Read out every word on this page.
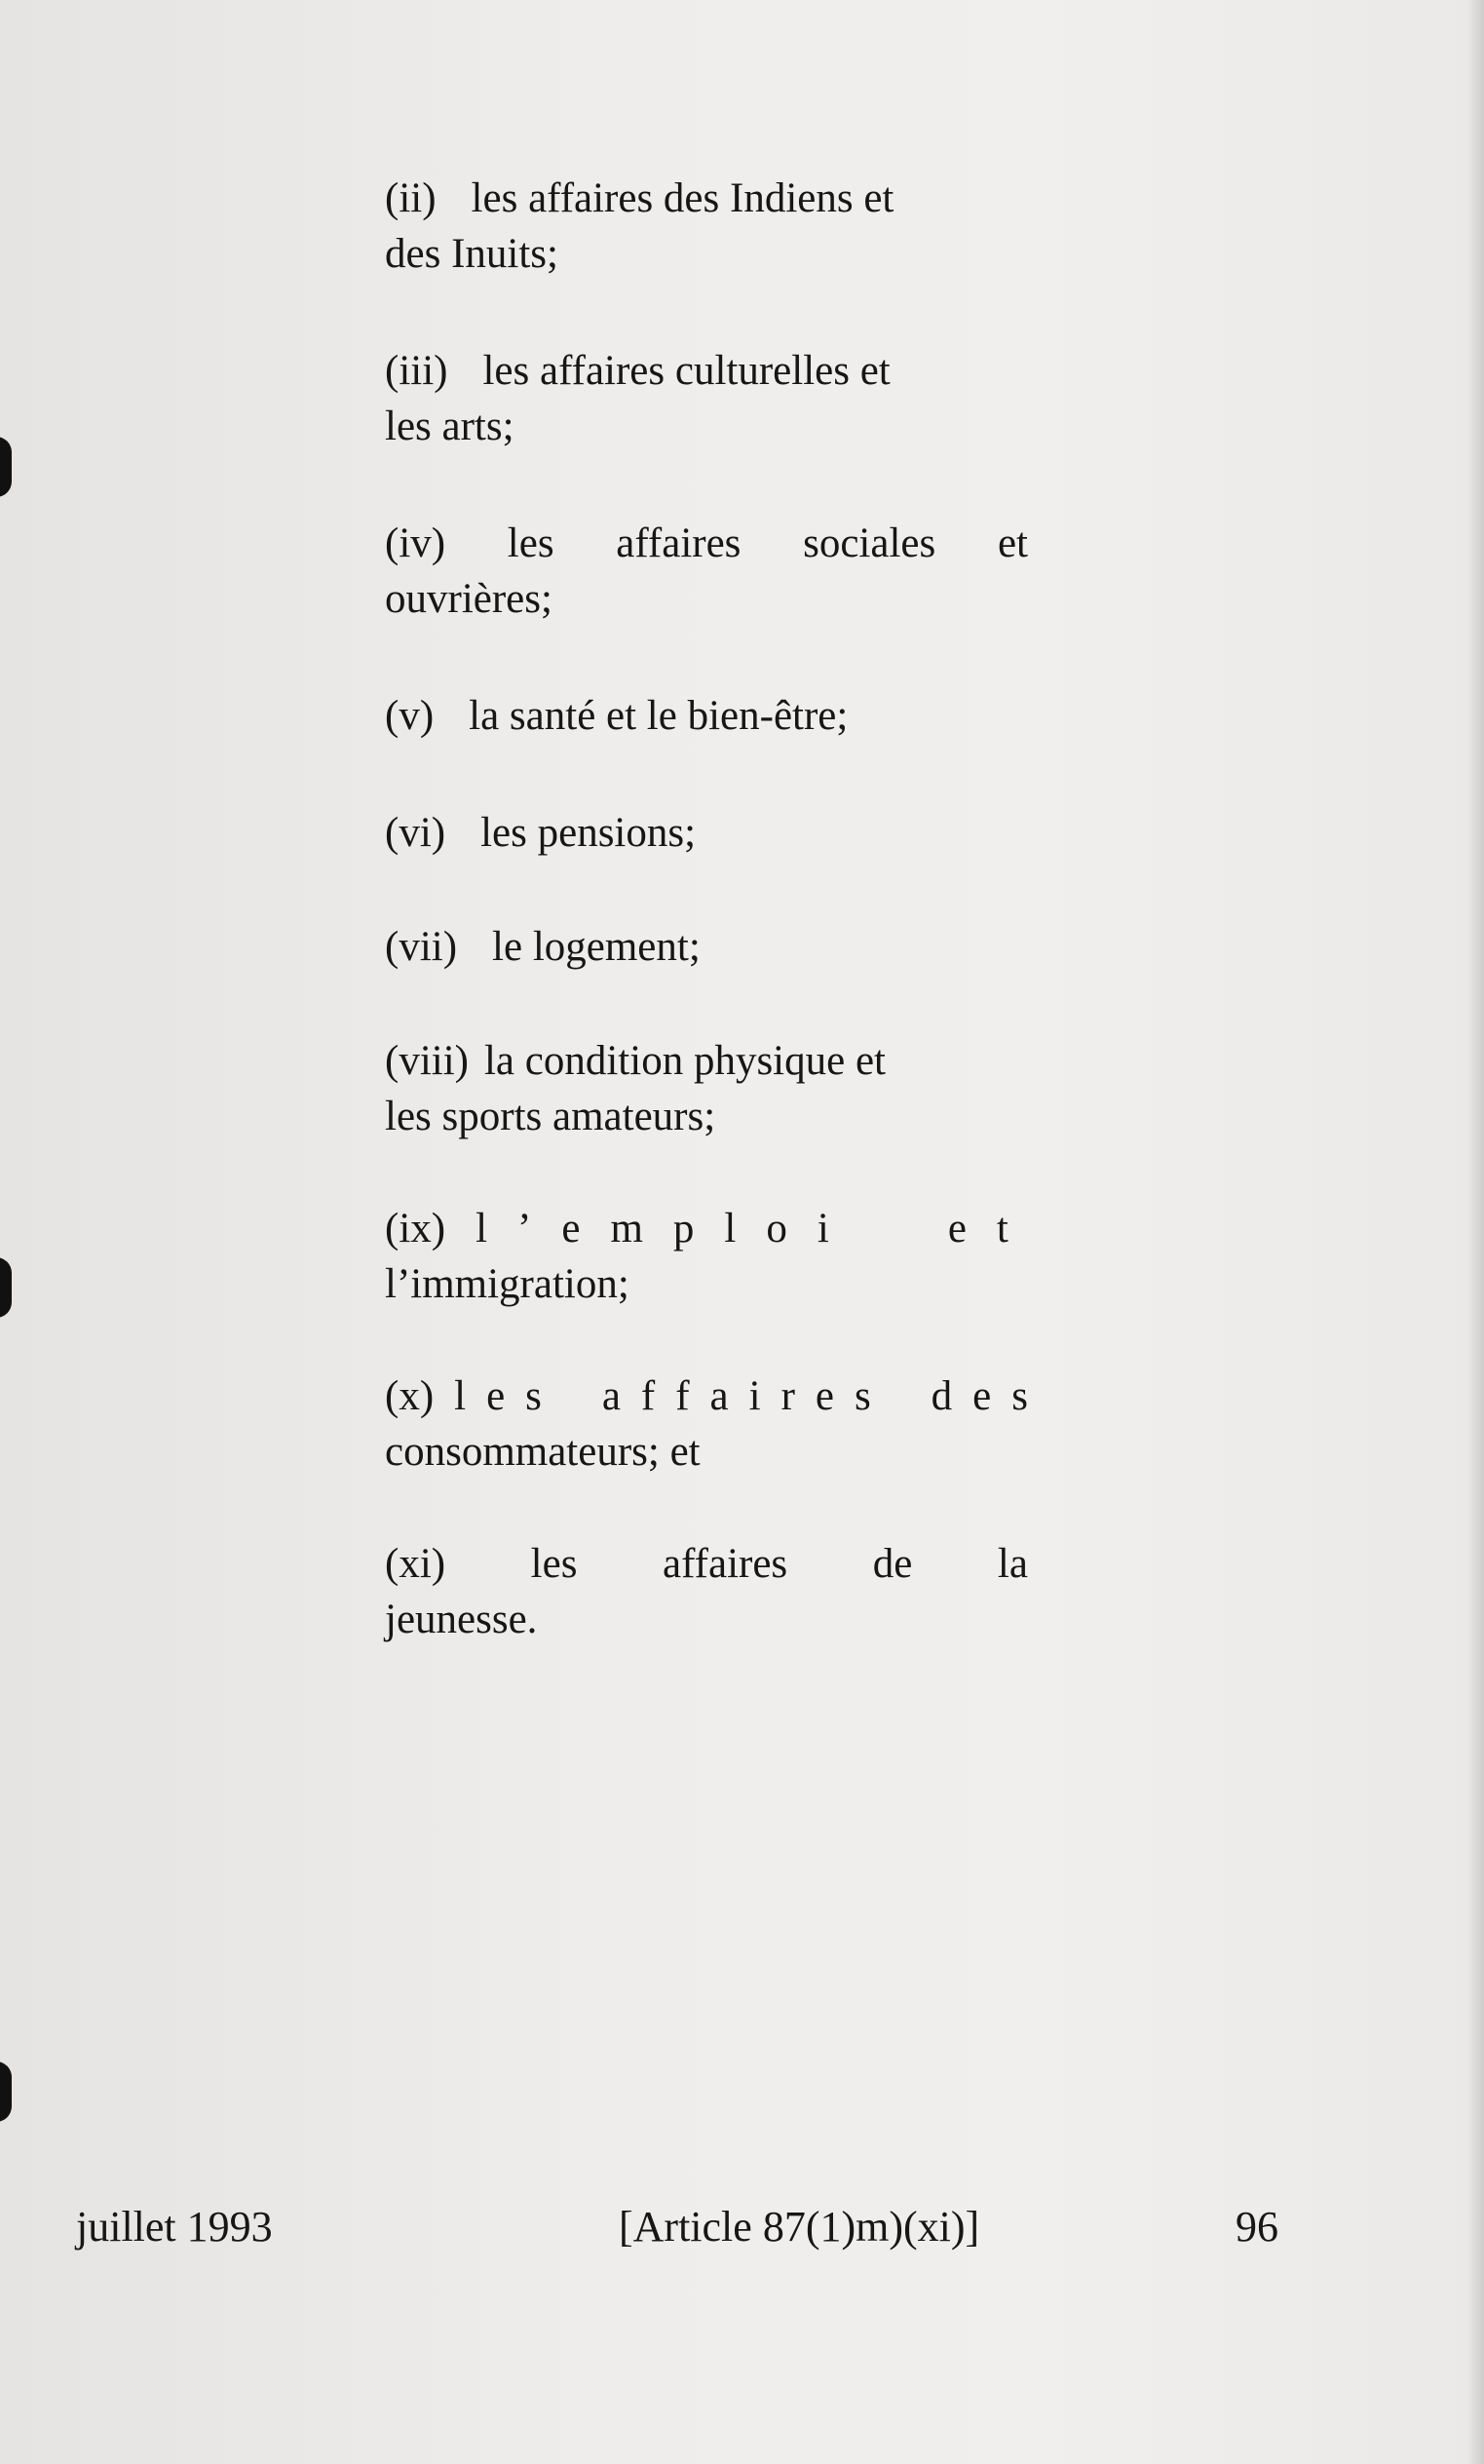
(ii) les affaires des Indiens et
des Inuits;
(iii) les affaires culturelles et
les arts;
(iv) les affaires sociales et
ouvrières;
(v) la santé et le bien-être;
(vi) les pensions;
(vii) le logement;
(viii) la condition physique et
les sports amateurs;
(ix) l ’ e m p l o i	e t
l’immigration;
(x) l e s a f f a i r e s d e s
consommateurs; et
(xi) les affaires de la
jeunesse.
juillet 1993	[Article 87(1)m)(xi)]	96
